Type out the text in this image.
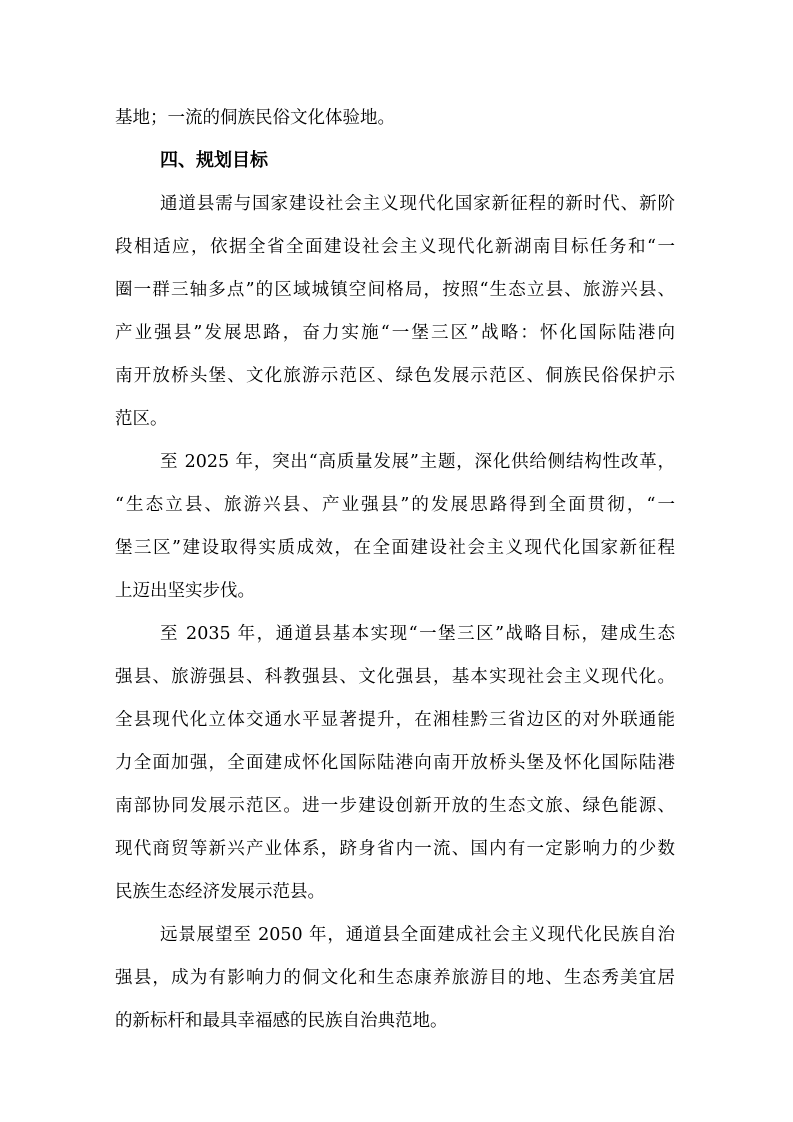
基地；一流的侗族民俗文化体验地。
四、规划目标
通道县需与国家建设社会主义现代化国家新征程的新时代、新阶
段相适应，依据全省全面建设社会主义现代化新湖南目标任务和“一
圈一群三轴多点”的区域城镇空间格局，按照“生态立县、旅游兴县、
产业强县”发展思路，奋力实施“一堡三区”战略：怀化国际陆港向
南开放桥头堡、文化旅游示范区、绿色发展示范区、侗族民俗保护示
范区。
至 2025 年，突出“高质量发展”主题，深化供给侧结构性改革，
“生态立县、旅游兴县、产业强县”的发展思路得到全面贯彻，“一
堡三区”建设取得实质成效，在全面建设社会主义现代化国家新征程
上迈出坚实步伐。
至 2035 年，通道县基本实现“一堡三区”战略目标，建成生态
强县、旅游强县、科教强县、文化强县，基本实现社会主义现代化。
全县现代化立体交通水平显著提升，在湘桂黔三省边区的对外联通能
力全面加强，全面建成怀化国际陆港向南开放桥头堡及怀化国际陆港
南部协同发展示范区。进一步建设创新开放的生态文旅、绿色能源、
现代商贸等新兴产业体系，跻身省内一流、国内有一定影响力的少数
民族生态经济发展示范县。
远景展望至 2050 年，通道县全面建成社会主义现代化民族自治
强县，成为有影响力的侗文化和生态康养旅游目的地、生态秀美宜居
的新标杆和最具幸福感的民族自治典范地。
